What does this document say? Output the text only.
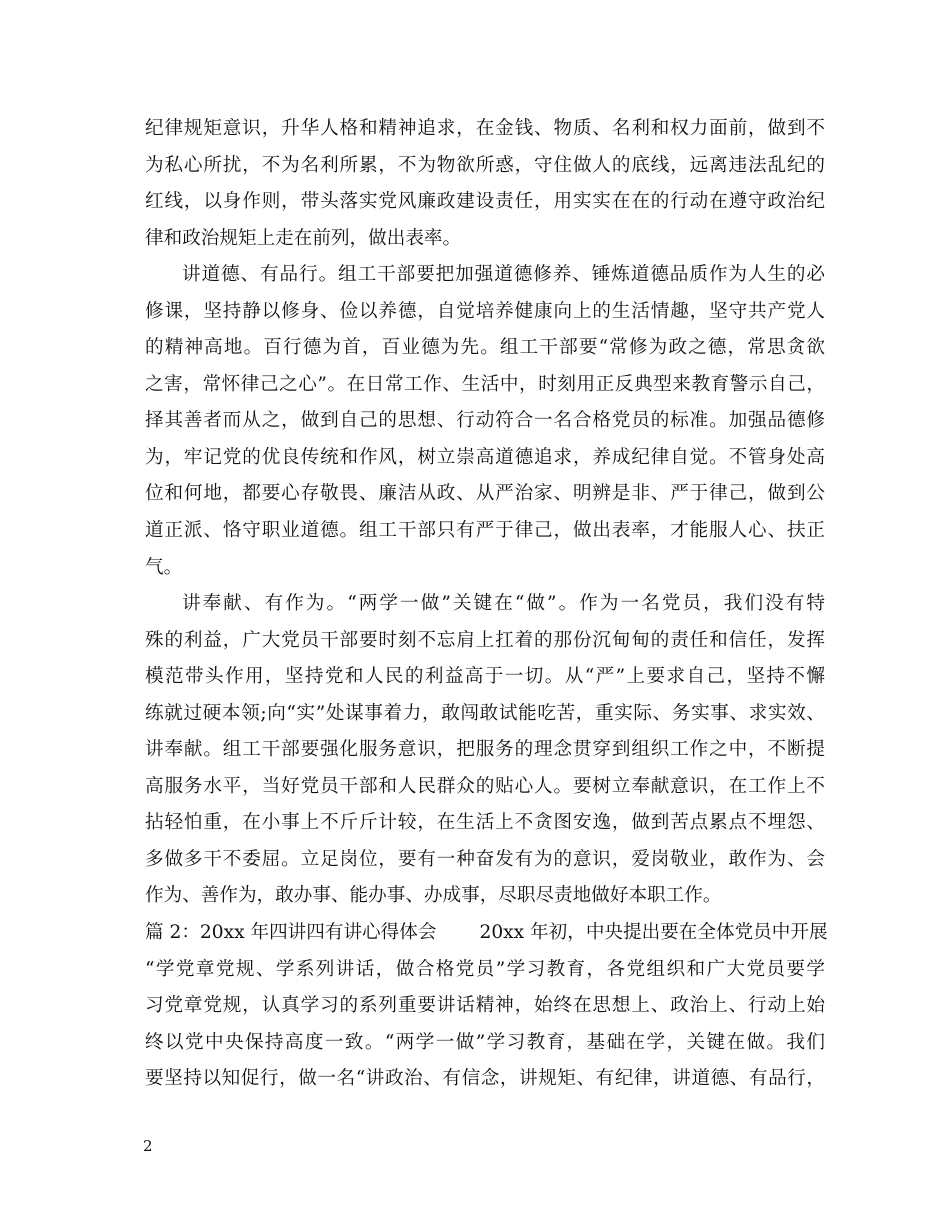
纪律规矩意识，升华人格和精神追求，在金钱、物质、名利和权力面前，做到不
为私心所扰，不为名利所累，不为物欲所惑，守住做人的底线，远离违法乱纪的
红线，以身作则，带头落实党风廉政建设责任，用实实在在的行动在遵守政治纪
律和政治规矩上走在前列，做出表率。
讲道德、有品行。组工干部要把加强道德修养、锤炼道德品质作为人生的必
修课，坚持静以修身、俭以养德，自觉培养健康向上的生活情趣，坚守共产党人
的精神高地。百行德为首，百业德为先。组工干部要“常修为政之德，常思贪欲
之害，常怀律己之心”。在日常工作、生活中，时刻用正反典型来教育警示自己，
择其善者而从之，做到自己的思想、行动符合一名合格党员的标准。加强品德修
为，牢记党的优良传统和作风，树立崇高道德追求，养成纪律自觉。不管身处高
位和何地，都要心存敬畏、廉洁从政、从严治家、明辨是非、严于律己，做到公
道正派、恪守职业道德。组工干部只有严于律己，做出表率，才能服人心、扶正
气。
讲奉献、有作为。“两学一做”关键在“做”。作为一名党员，我们没有特
殊的利益，广大党员干部要时刻不忘肩上扛着的那份沉甸甸的责任和信任，发挥
模范带头作用，坚持党和人民的利益高于一切。从“严”上要求自己，坚持不懈
练就过硬本领;向“实”处谋事着力，敢闯敢试能吃苦，重实际、务实事、求实效、
讲奉献。组工干部要强化服务意识，把服务的理念贯穿到组织工作之中，不断提
高服务水平，当好党员干部和人民群众的贴心人。要树立奉献意识，在工作上不
拈轻怕重，在小事上不斤斤计较，在生活上不贪图安逸，做到苦点累点不埋怨、
多做多干不委屈。立足岗位，要有一种奋发有为的意识，爱岗敬业，敢作为、会
作为、善作为，敢办事、能办事、办成事，尽职尽责地做好本职工作。
篇 2：20xx 年四讲四有讲心得体会　　 20xx 年初，中央提出要在全体党员中开展
“学党章党规、学系列讲话，做合格党员”学习教育，各党组织和广大党员要学
习党章党规，认真学习的系列重要讲话精神，始终在思想上、政治上、行动上始
终以党中央保持高度一致。“两学一做”学习教育，基础在学，关键在做。我们
要坚持以知促行，做一名“讲政治、有信念，讲规矩、有纪律，讲道德、有品行，
2
